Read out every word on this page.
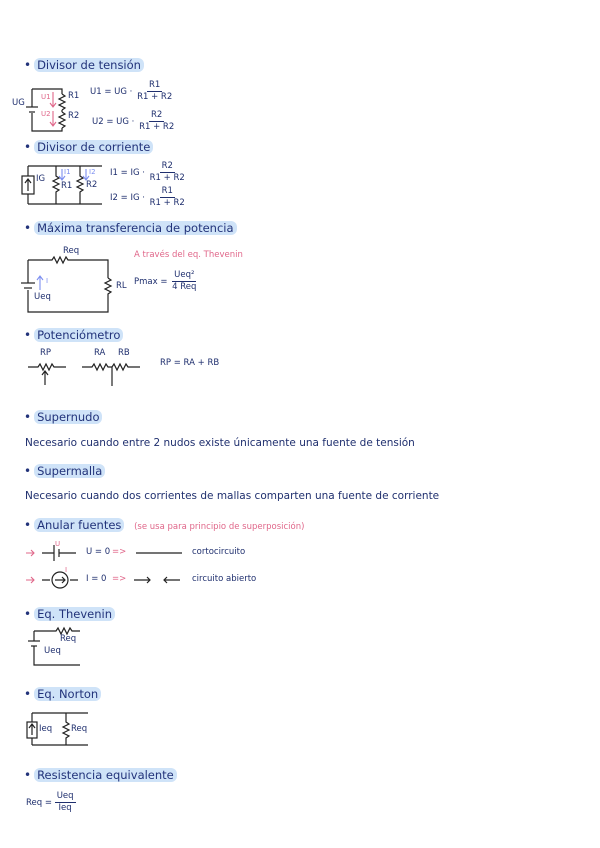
• Divisor de tensión
UG
U1
U2
R1
R2
U1 = UG · $\frac{R1}{R1 + R2}$
U2 = UG · $\frac{R2}{R1 + R2}$
• Divisor de corriente
IG
I1	I2
R1 R2
I1 = IG · $\frac{R2}{R1 + R2}$
I2 = IG · $\frac{R1}{R1 + R2}$
• Máxima transferencia de potencia
A través del eq. Thevenin
Req
I
Ueq
RL $Pmax = \frac{\text{Ueq²}}{\text{4 Req}}$
• Potenciómetro
RP	RA RB
RP = RA + RB
• Supernudo
Necesario cuando entre 2 nudos existe únicamente una fuente de tensión
• Supermalla
Necesario cuando dos corrientes de mallas comparten una fuente de corriente
• Anular fuentes (se usa para principio de superposición)
U
U = 0 =>	cortocircuito
I
I = 0 =>	circuito abierto
• Eq. Thevenin
Req
Ueq
• Eq. Norton
Ieq Req
• Resistencia equivalente
Req = $\frac{\text{Ueq}}{\text{Ieq}}$
